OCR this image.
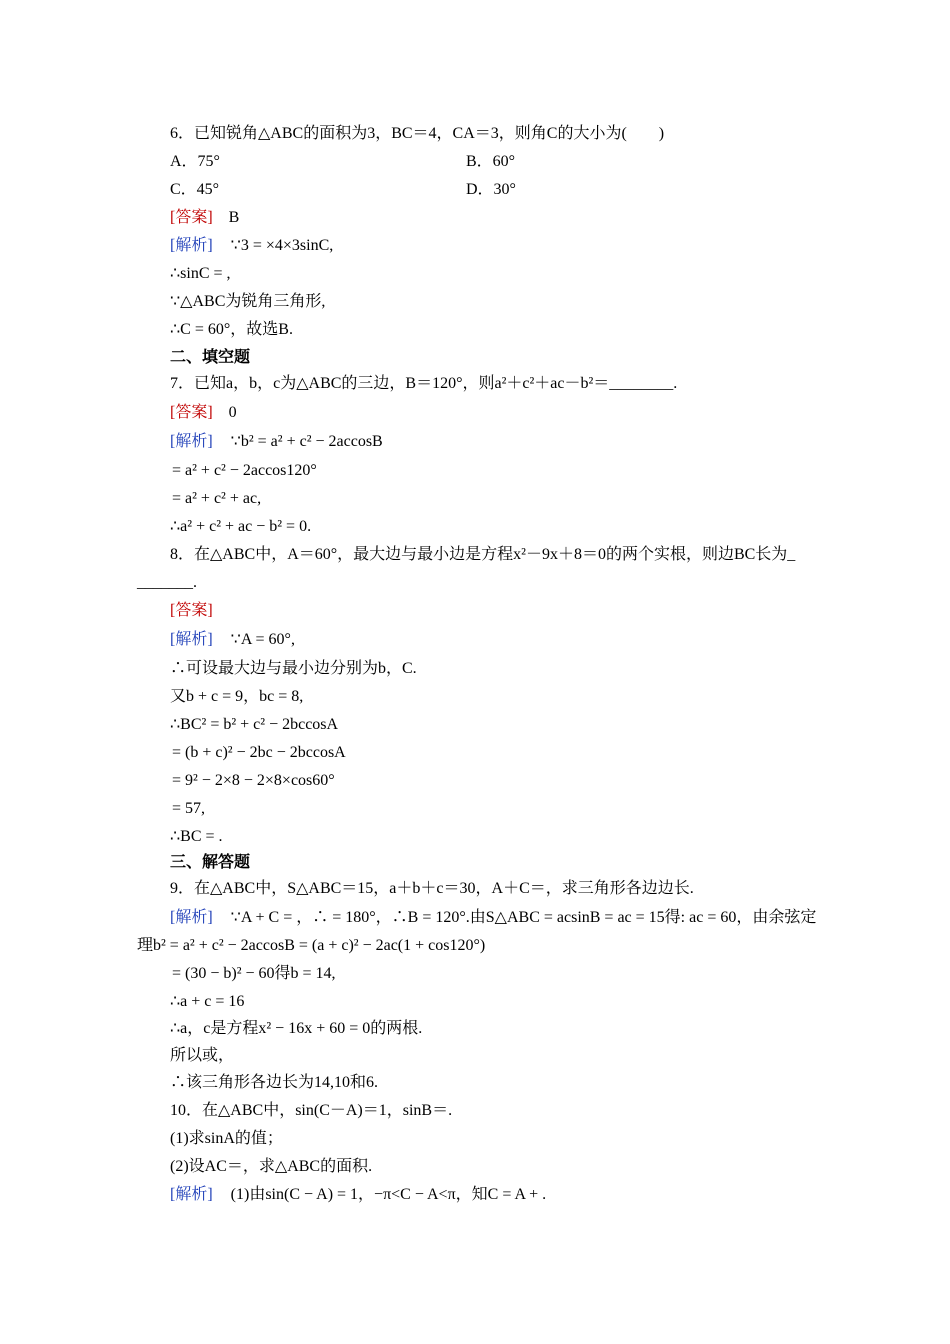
6．已知锐角△ABC的面积为3，BC＝4，CA＝3，则角C的大小为(　　)
A．75°	B．60°
C．45°	D．30°
[答案] B
[解析] ∵3 = ×4×3sinC,
∴sinC = ,
∵△ABC为锐角三角形,
∴C = 60°，故选B.
二、填空题
7．已知a，b，c为△ABC的三边，B＝120°，则a²＋c²＋ac－b²＝________.
[答案] 0
[解析] ∵b² = a² + c² − 2accosB
= a² + c² − 2accos120°
= a² + c² + ac,
∴a² + c² + ac − b² = 0.
8．在△ABC中，A＝60°，最大边与最小边是方程x²－9x＋8＝0的两个实根，则边BC长为_
_______.
[答案]
[解析] ∵A = 60°,
∴可设最大边与最小边分别为b，C.
又b + c = 9，bc = 8,
∴BC² = b² + c² − 2bccosA
= (b + c)² − 2bc − 2bccosA
= 9² − 2×8 − 2×8×cos60°
= 57,
∴BC = .
三、解答题
9．在△ABC中，S△ABC＝15，a＋b＋c＝30，A＋C＝，求三角形各边边长.
[解析] ∵A + C = ，∴ = 180°，∴B = 120°.由S△ABC = acsinB = ac = 15得: ac = 60，由余弦定
理b² = a² + c² − 2accosB = (a + c)² − 2ac(1 + cos120°)
= (30 − b)² − 60得b = 14,
∴a + c = 16
∴a，c是方程x² − 16x + 60 = 0的两根.
所以或，
∴该三角形各边长为14,10和6.
10．在△ABC中，sin(C－A)＝1，sinB＝.
(1)求sinA的值；
(2)设AC＝，求△ABC的面积.
[解析] (1)由sin(C − A) = 1，−π<C − A<π，知C = A + .
